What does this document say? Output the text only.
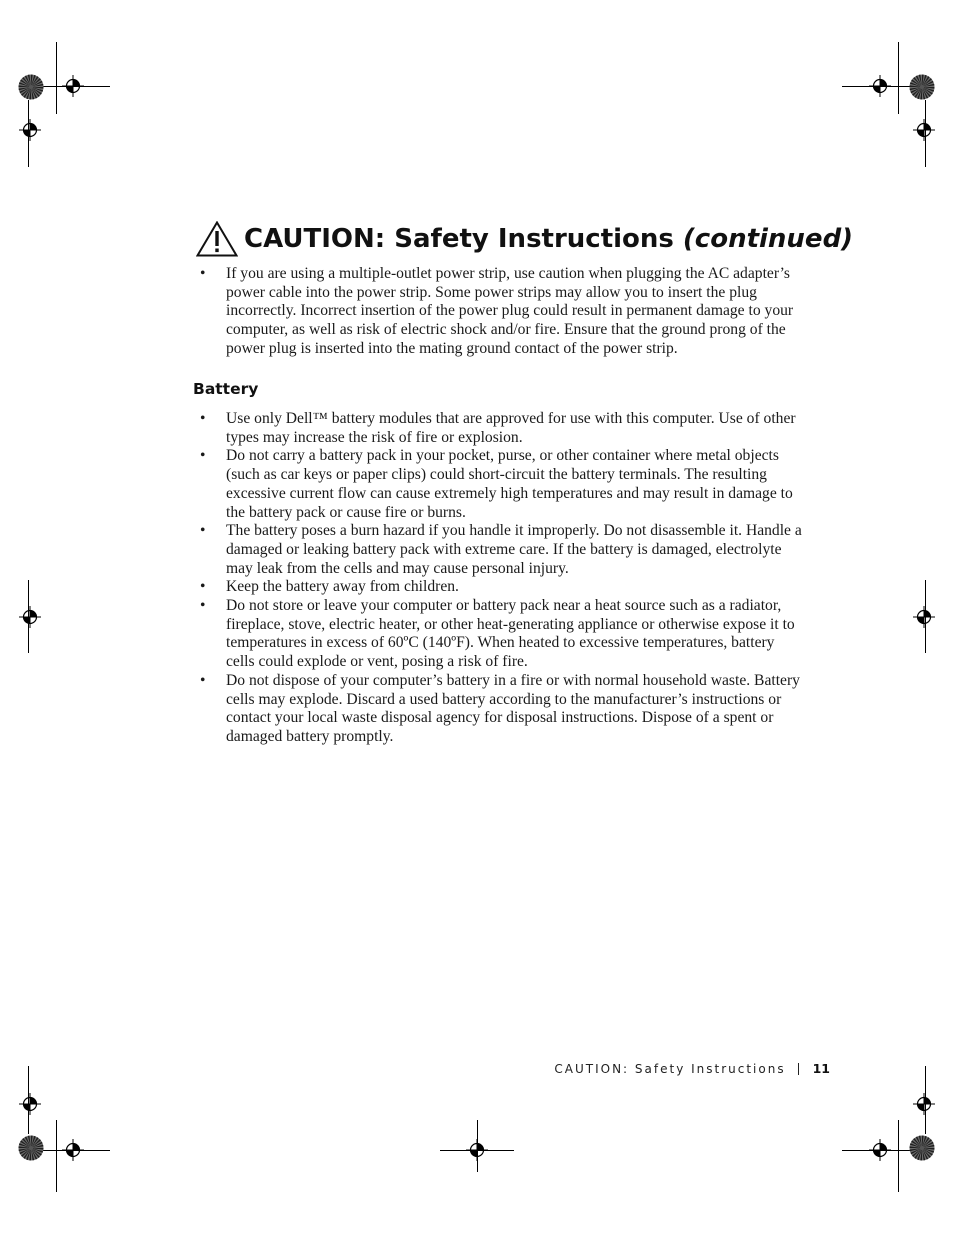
CAUTION: Safety Instructions (continued)
• If you are using a multiple-outlet power strip, use caution when plugging the AC adapter’s power cable into the power strip. Some power strips may allow you to insert the plug incorrectly. Incorrect insertion of the power plug could result in permanent damage to your computer, as well as risk of electric shock and/or fire. Ensure that the ground prong of the power plug is inserted into the mating ground contact of the power strip.
Battery
• Use only Dell™ battery modules that are approved for use with this computer. Use of other types may increase the risk of fire or explosion.
• Do not carry a battery pack in your pocket, purse, or other container where metal objects (such as car keys or paper clips) could short-circuit the battery terminals. The resulting excessive current flow can cause extremely high temperatures and may result in damage to the battery pack or cause fire or burns.
• The battery poses a burn hazard if you handle it improperly. Do not disassemble it. Handle a damaged or leaking battery pack with extreme care. If the battery is damaged, electrolyte may leak from the cells and may cause personal injury.
• Keep the battery away from children.
• Do not store or leave your computer or battery pack near a heat source such as a radiator, fireplace, stove, electric heater, or other heat-generating appliance or otherwise expose it to temperatures in excess of 60ºC (140ºF). When heated to excessive temperatures, battery cells could explode or vent, posing a risk of fire.
• Do not dispose of your computer’s battery in a fire or with normal household waste. Battery cells may explode. Discard a used battery according to the manufacturer’s instructions or contact your local waste disposal agency for disposal instructions. Dispose of a spent or damaged battery promptly.
CAUTION: Safety Instructions 11
